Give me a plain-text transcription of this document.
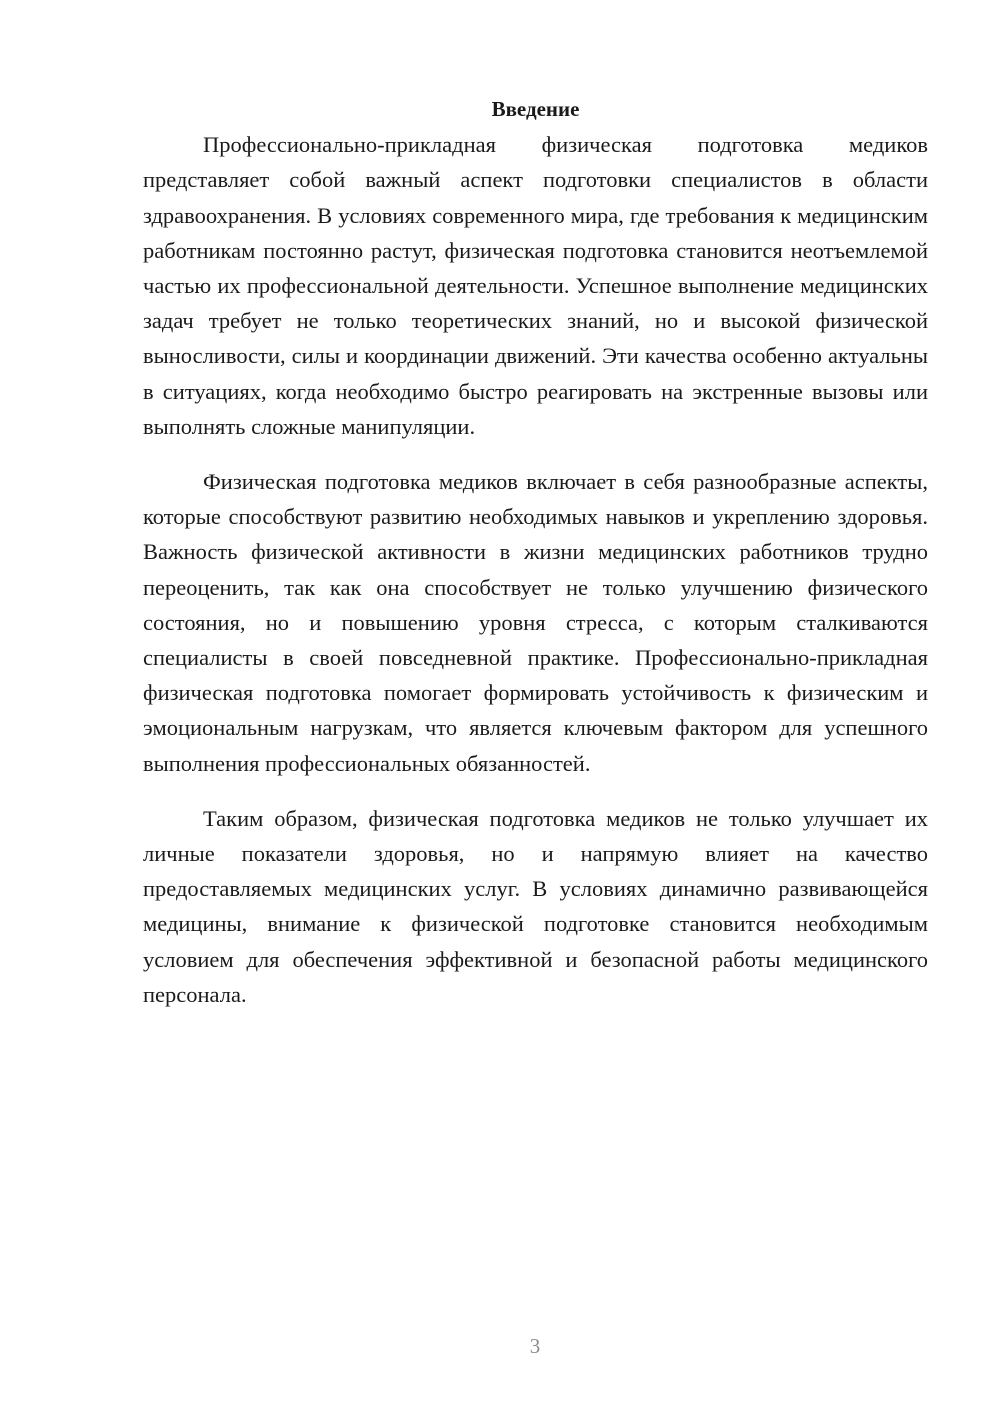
Введение

Профессионально-прикладная физическая подготовка медиков представляет собой важный аспект подготовки специалистов в области здравоохранения. В условиях современного мира, где требования к медицинским работникам постоянно растут, физическая подготовка становится неотъемлемой частью их профессиональной деятельности. Успешное выполнение медицинских задач требует не только теоретических знаний, но и высокой физической выносливости, силы и координации движений. Эти качества особенно актуальны в ситуациях, когда необходимо быстро реагировать на экстренные вызовы или выполнять сложные манипуляции.

Физическая подготовка медиков включает в себя разнообразные аспекты, которые способствуют развитию необходимых навыков и укреплению здоровья. Важность физической активности в жизни медицинских работников трудно переоценить, так как она способствует не только улучшению физического состояния, но и повышению уровня стресса, с которым сталкиваются специалисты в своей повседневной практике. Профессионально-прикладная физическая подготовка помогает формировать устойчивость к физическим и эмоциональным нагрузкам, что является ключевым фактором для успешного выполнения профессиональных обязанностей.

Таким образом, физическая подготовка медиков не только улучшает их личные показатели здоровья, но и напрямую влияет на качество предоставляемых медицинских услуг. В условиях динамично развивающейся медицины, внимание к физической подготовке становится необходимым условием для обеспечения эффективной и безопасной работы медицинского персонала.

3
